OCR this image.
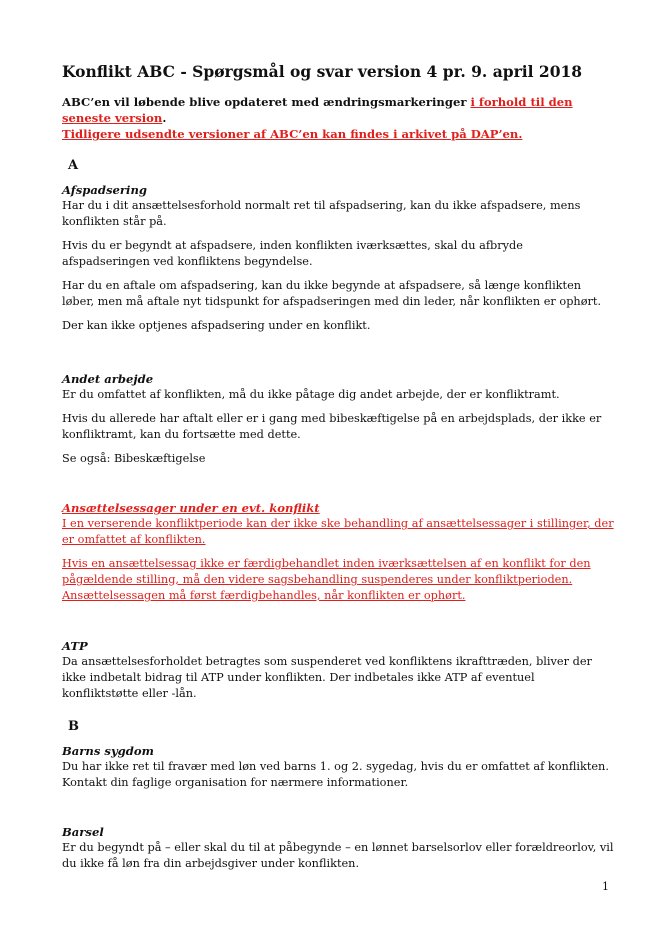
Konflikt ABC - Spørgsmål og svar version 4 pr. 9. april 2018
ABC’en vil løbende blive opdateret med ændringsmarkeringer i forhold til den seneste version.
Tidligere udsendte versioner af ABC’en kan findes i arkivet på DAP’en.
A
Afspadsering

Har du i dit ansættelsesforhold normalt ret til afspadsering, kan du ikke afspadsere, mens konflikten står på.

Hvis du er begyndt at afspadsere, inden konflikten iværksættes, skal du afbryde afspadseringen ved konfliktens begyndelse.

Har du en aftale om afspadsering, kan du ikke begynde at afspadsere, så længe konflikten løber, men må aftale nyt tidspunkt for afspadseringen med din leder, når konflikten er ophørt.

Der kan ikke optjenes afspadsering under en konflikt.

Andet arbejde

Er du omfattet af konflikten, må du ikke påtage dig andet arbejde, der er konfliktramt.

Hvis du allerede har aftalt eller er i gang med bibeskæftigelse på en arbejdsplads, der ikke er konfliktramt, kan du fortsætte med dette.

Se også: Bibeskæftigelse

Ansættelsessager under en evt. konflikt

I en verserende konfliktperiode kan der ikke ske behandling af ansættelsessager i stillinger, der er omfattet af konflikten.

Hvis en ansættelsessag ikke er færdigbehandlet inden iværksættelsen af en konflikt for den pågældende stilling, må den videre sagsbehandling suspenderes under konfliktperioden. Ansættelsessagen må først færdigbehandles, når konflikten er ophørt.

ATP

Da ansættelsesforholdet betragtes som suspenderet ved konfliktens ikrafttræden, bliver der ikke indbetalt bidrag til ATP under konflikten. Der indbetales ikke ATP af eventuel konfliktstøtte eller -lån.

B
Barns sygdom

Du har ikke ret til fravær med løn ved barns 1. og 2. sygedag, hvis du er omfattet af konflikten. Kontakt din faglige organisation for nærmere informationer.

Barsel

Er du begyndt på – eller skal du til at påbegynde – en lønnet barselsorlov eller forældreorlov, vil du ikke få løn fra din arbejdsgiver under konflikten.

1
